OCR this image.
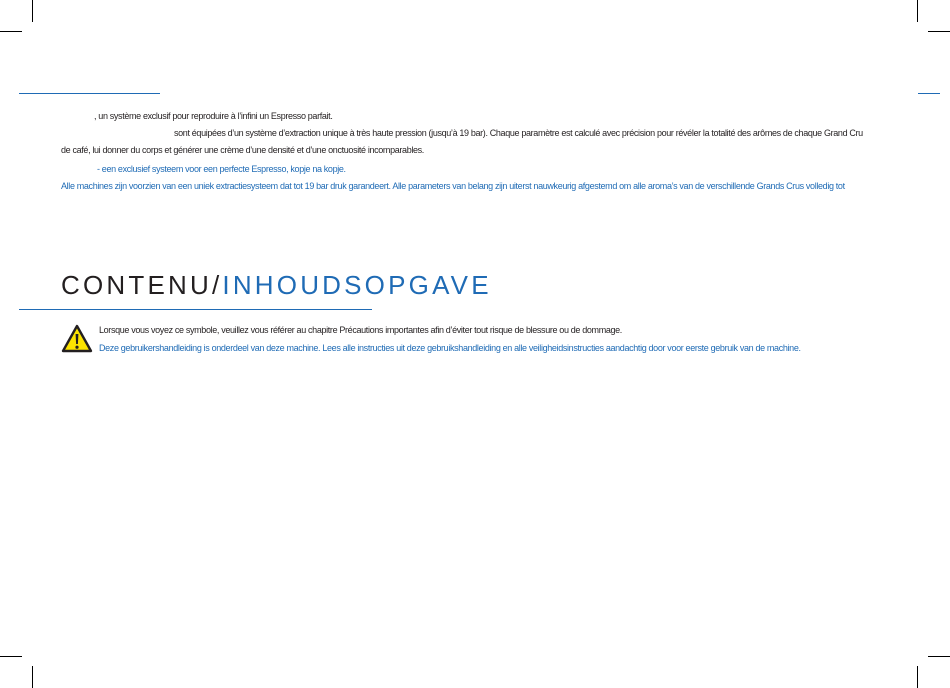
, un système exclusif pour reproduire à l’infini un Espresso parfait.
sont équipées d’un système d’extraction unique à très haute pression (jusqu’à 19 bar). Chaque paramètre est calculé avec précision pour révéler la totalité des arômes de chaque Grand Cru
de café, lui donner du corps et générer une crème d’une densité et d’une onctuosité incomparables.
- een exclusief systeem voor een perfecte Espresso, kopje na kopje.
Alle machines zijn voorzien van een uniek extractiesysteem dat tot 19 bar druk garandeert. Alle parameters van belang zijn uiterst nauwkeurig afgestemd om alle aroma’s van de verschillende Grands Crus volledig tot
CONTENU/INHOUDSOPGAVE
Lorsque vous voyez ce symbole, veuillez vous référer au chapitre Précautions importantes afin d’éviter tout risque de blessure ou de dommage.
Deze gebruikershandleiding is onderdeel van deze machine. Lees alle instructies uit deze gebruikshandleiding en alle veiligheidsinstructies aandachtig door voor eerste gebruik van de machine.
